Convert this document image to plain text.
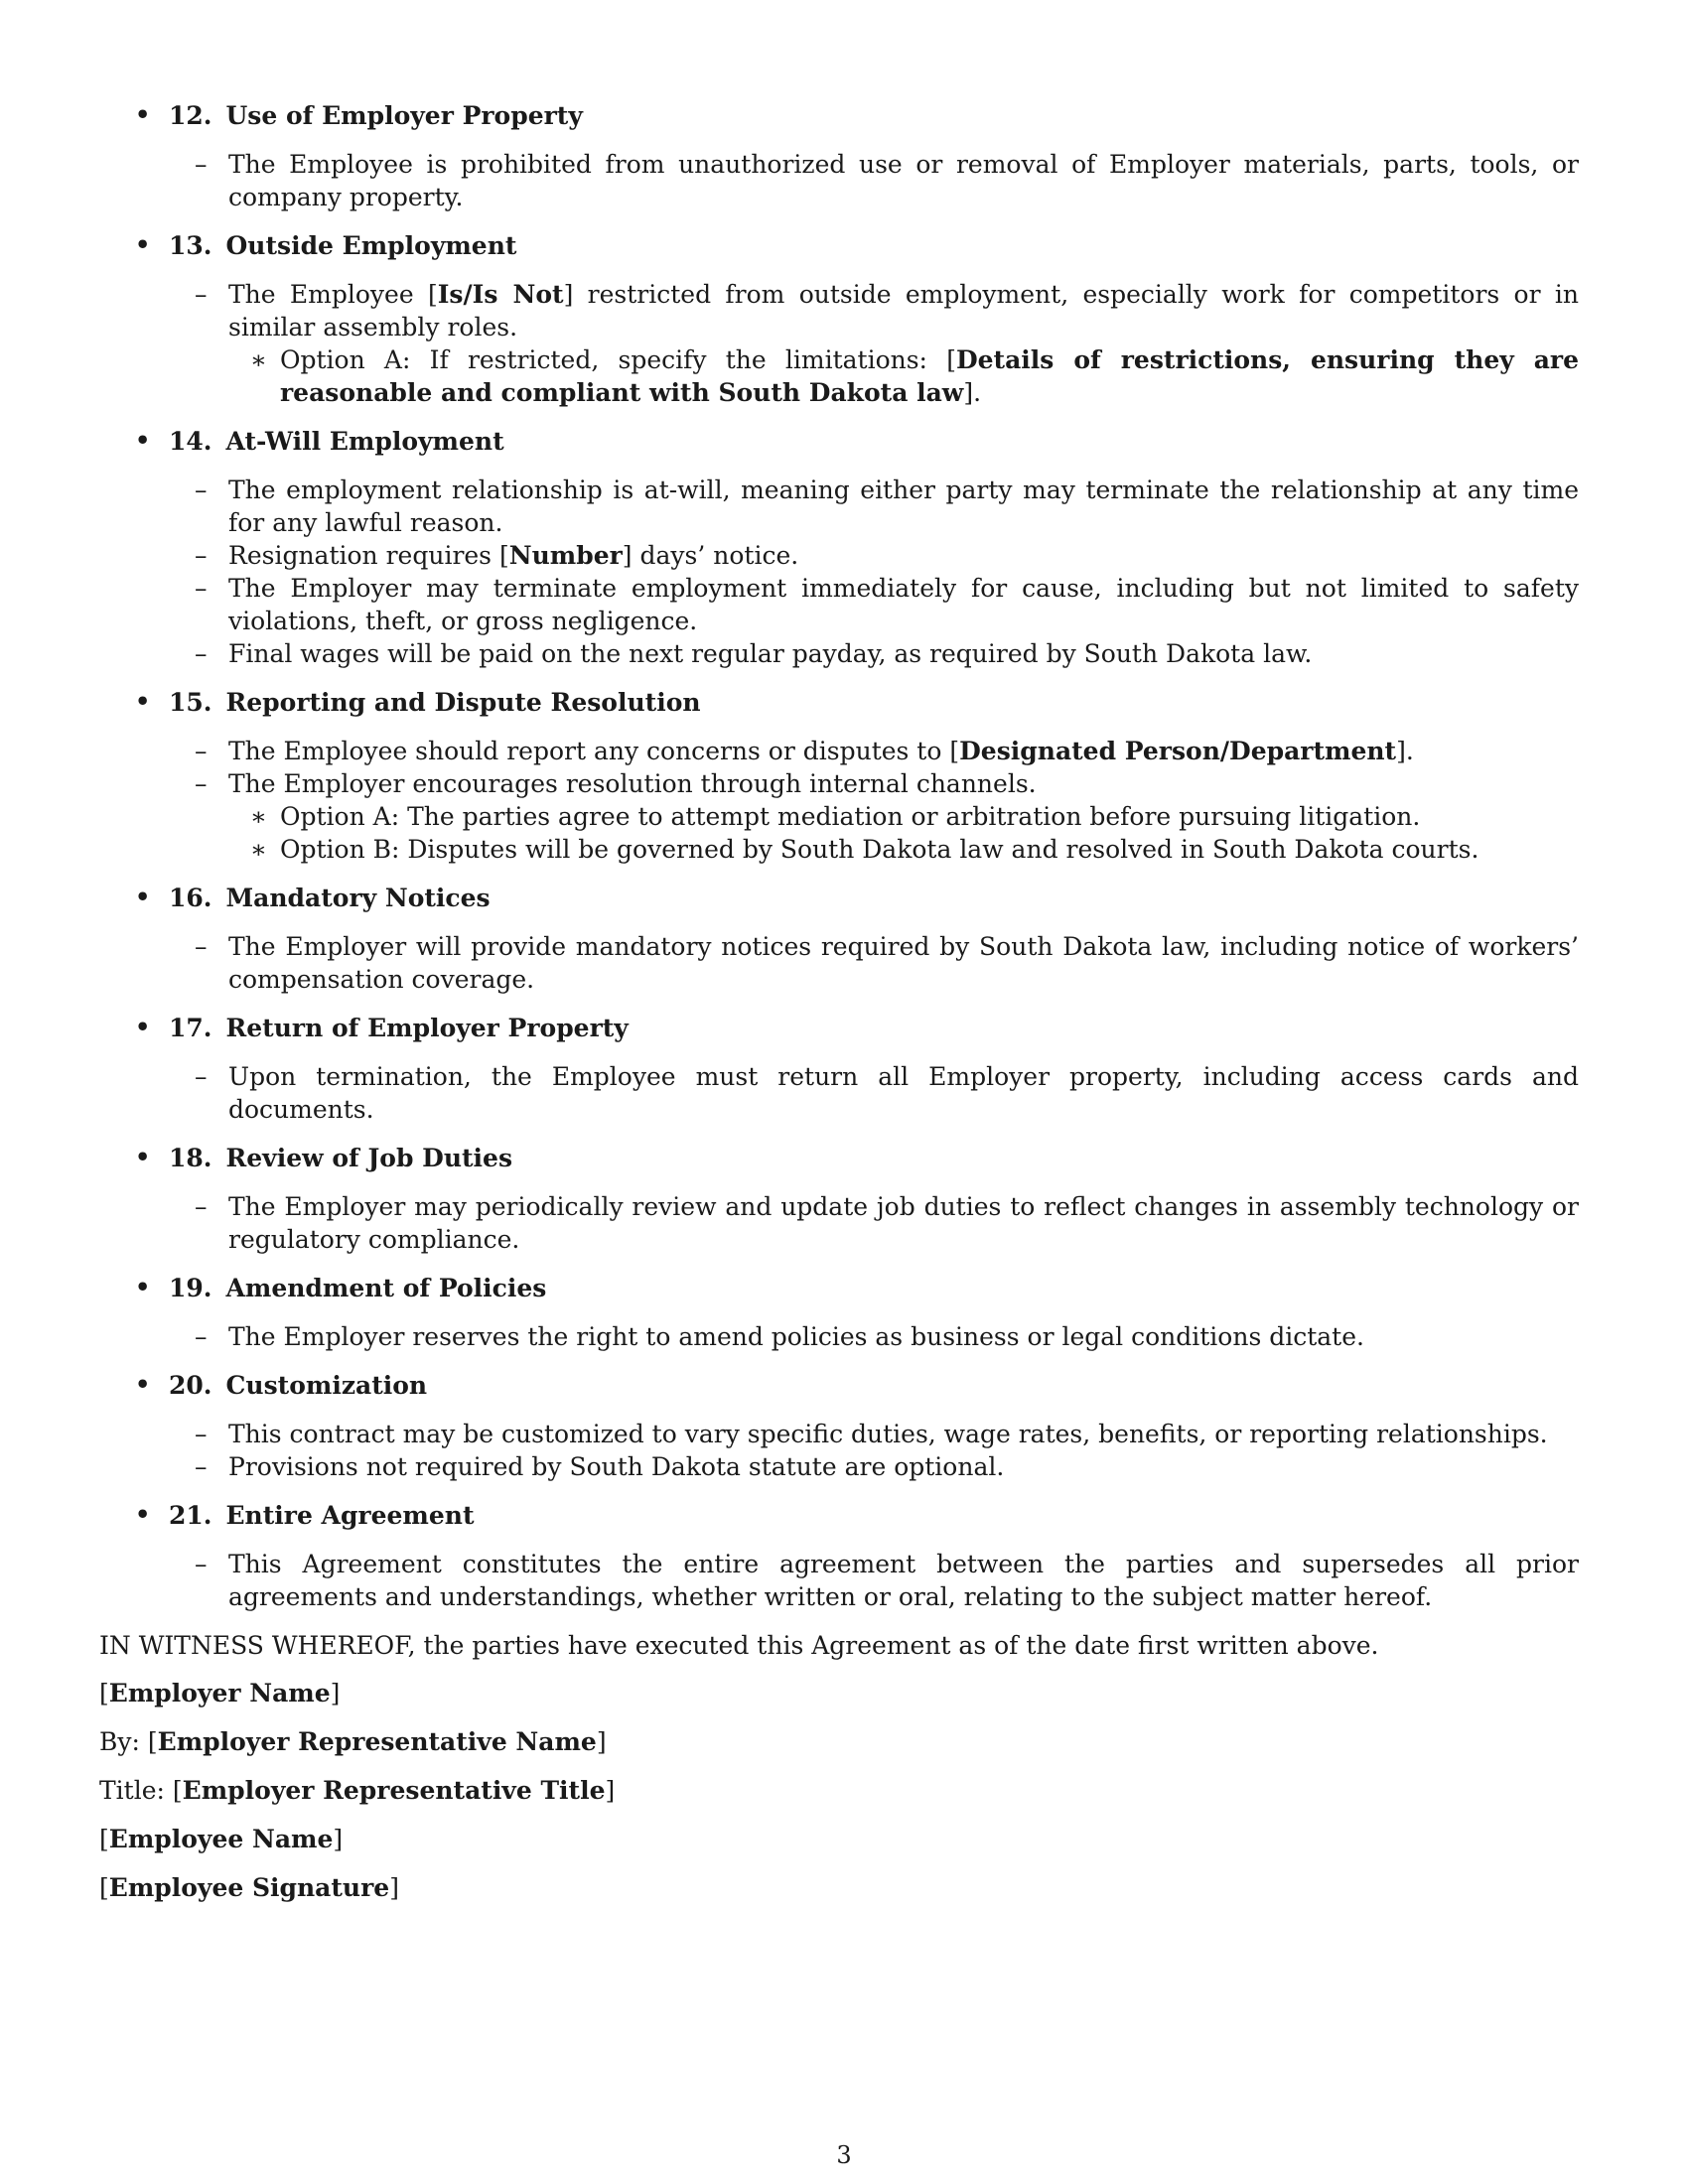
• 12. Use of Employer Property
– The Employee is prohibited from unauthorized use or removal of Employer materials, parts, tools, or company property.
• 13. Outside Employment
– The Employee [Is/Is Not] restricted from outside employment, especially work for competitors or in similar assembly roles.
∗ Option A: If restricted, specify the limitations: [Details of restrictions, ensuring they are reasonable and compliant with South Dakota law].
• 14. At-Will Employment
– The employment relationship is at-will, meaning either party may terminate the relationship at any time for any lawful reason.
– Resignation requires [Number] days’ notice.
– The Employer may terminate employment immediately for cause, including but not limited to safety violations, theft, or gross negligence.
– Final wages will be paid on the next regular payday, as required by South Dakota law.
• 15. Reporting and Dispute Resolution
– The Employee should report any concerns or disputes to [Designated Person/Department].
– The Employer encourages resolution through internal channels.
∗ Option A: The parties agree to attempt mediation or arbitration before pursuing litigation.
∗ Option B: Disputes will be governed by South Dakota law and resolved in South Dakota courts.
• 16. Mandatory Notices
– The Employer will provide mandatory notices required by South Dakota law, including notice of workers’ compensation coverage.
• 17. Return of Employer Property
– Upon termination, the Employee must return all Employer property, including access cards and documents.
• 18. Review of Job Duties
– The Employer may periodically review and update job duties to reflect changes in assembly technology or regulatory compliance.
• 19. Amendment of Policies
– The Employer reserves the right to amend policies as business or legal conditions dictate.
• 20. Customization
– This contract may be customized to vary specific duties, wage rates, benefits, or reporting relationships.
– Provisions not required by South Dakota statute are optional.
• 21. Entire Agreement
– This Agreement constitutes the entire agreement between the parties and supersedes all prior agreements and understandings, whether written or oral, relating to the subject matter hereof.
IN WITNESS WHEREOF, the parties have executed this Agreement as of the date first written above.
[Employer Name]
By: [Employer Representative Name]
Title: [Employer Representative Title]
[Employee Name]
[Employee Signature]
3
